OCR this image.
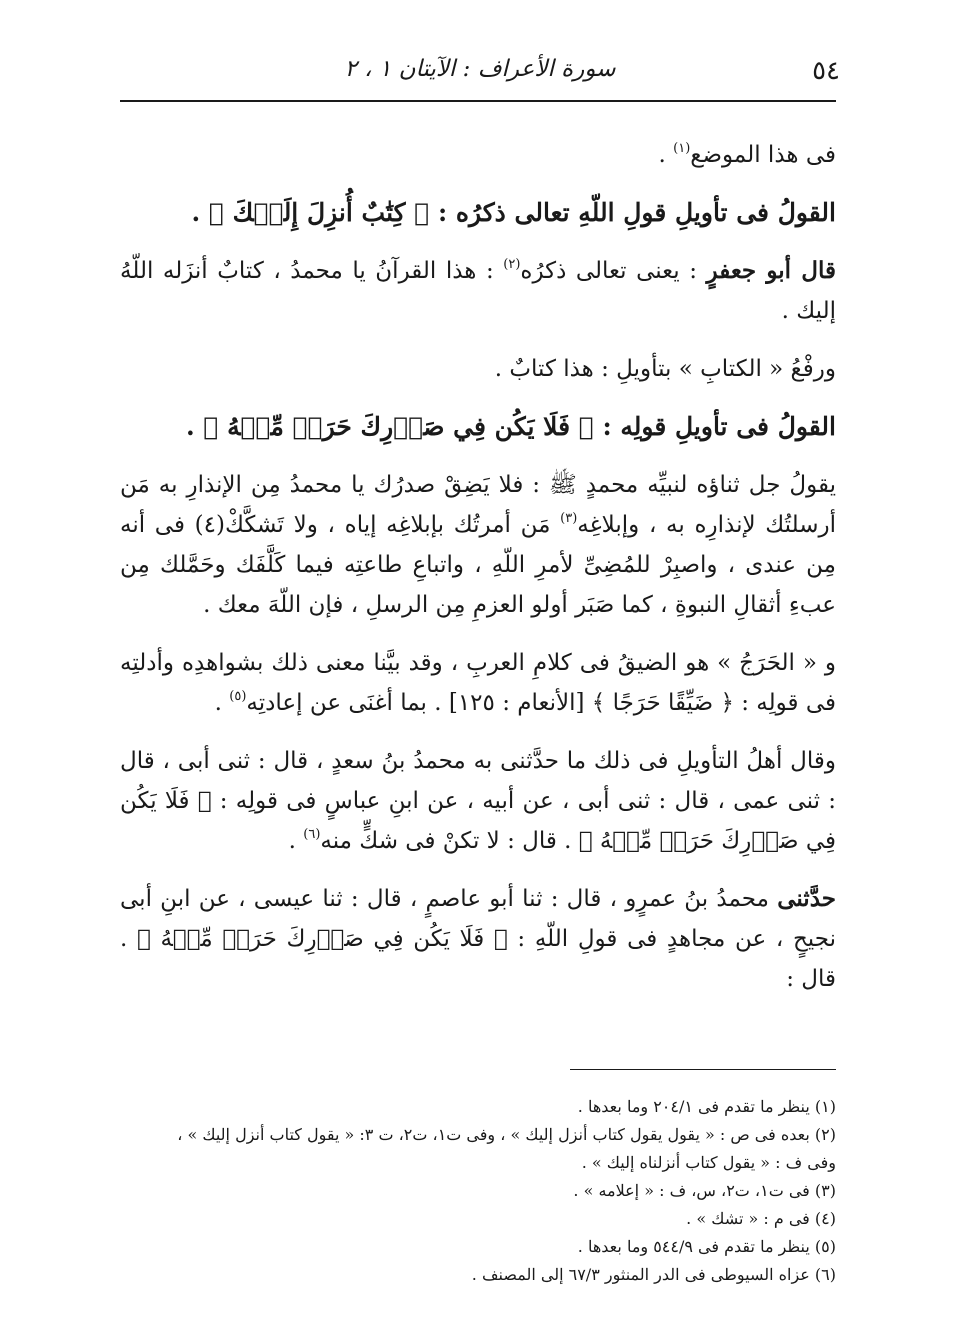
٥٤
سورة الأعراف : الآيتان ١ ، ٢

فى هذا الموضع$^{(١)}$ .

القولُ فى تأويلِ قولِ اللّهِ تعالى ذكرُه : ﴿ كِتَٰبٌ أُنزِلَ إِلَيۡكَ ﴾ .

قال أبو جعفرٍ : يعنى تعالى ذكرُه$^{(٢)}$ : هذا القرآنُ يا محمدُ ، كتابٌ أنزَله اللّهُ إليك .

ورفْعُ « الكتابِ » بتأويلِ : هذا كتابٌ .

القولُ فى تأويلِ قولِه : ﴿ فَلَا يَكُن فِي صَدۡرِكَ حَرَجٞ مِّنۡهُ ﴾ .

يقولُ جل ثناؤه لنبيِّه محمدٍ ﷺ : فلا يَضِقْ صدرُك يا محمدُ مِن الإنذارِ به مَن أرسلتُك لإنذارِه به ، وإبلاغِه$^{(٣)}$ مَن أمرتُك بإبلاغِه إياه ، ولا تَشكَّكْ(٤) فى أنه مِن عندى ، واصبِرْ للمُضِىِّ لأمرِ اللّهِ ، واتباعِ طاعتِه فيما كَلَّفَك وحَمَّلك مِن عبءِ أثقالِ النبوةِ ، كما صَبَر أولو العزمِ مِن الرسلِ ، فإن اللّهَ معك .

و « الحَرَجُ » هو الضيقُ فى كلامِ العربِ ، وقد بيَّنا معنى ذلك بشواهدِه وأدلتِه فى قولِه : ﴿ ضَيِّقًا حَرَجًا ﴾ [الأنعام : ١٢٥] . بما أغنَى عن إعادتِه$^{(٥)}$ .

وقال أهلُ التأويلِ فى ذلك ما حدَّثنى به محمدُ بنُ سعدٍ ، قال : ثنى أبى ، قال : ثنى عمى ، قال : ثنى أبى ، عن أبيه ، عن ابنِ عباسٍ فى قولِه : ﴿ فَلَا يَكُن فِي صَدۡرِكَ حَرَجٞ مِّنۡهُ ﴾ . قال : لا تكنْ فى شكٍّ منه$^{(٦)}$ .

حدَّثنى محمدُ بنُ عمرٍو ، قال : ثنا أبو عاصمٍ ، قال : ثنا عيسى ، عن ابنِ أبى نجيحٍ ، عن مجاهدٍ فى قولِ اللّهِ : ﴿ فَلَا يَكُن فِي صَدۡرِكَ حَرَجٞ مِّنۡهُ ﴾ . قال :

(١) ينظر ما تقدم فى ٢٠٤/١ وما بعدها .
(٢) بعده فى ص : « يقول يقول كتاب أنزل إليك » ، وفى ت١، ت٢، ت ٣: « يقول كتاب أنزل إليك » ،
وفى ف : « يقول كتاب أنزلناه إليك » .
(٣) فى ت١، ت٢، س، ف : « إعلامه » .
(٤) فى م : « تشك » .
(٥) ينظر ما تقدم فى ٥٤٤/٩ وما بعدها .
(٦) عزاه السيوطى فى الدر المنثور ٦٧/٣ إلى المصنف .
